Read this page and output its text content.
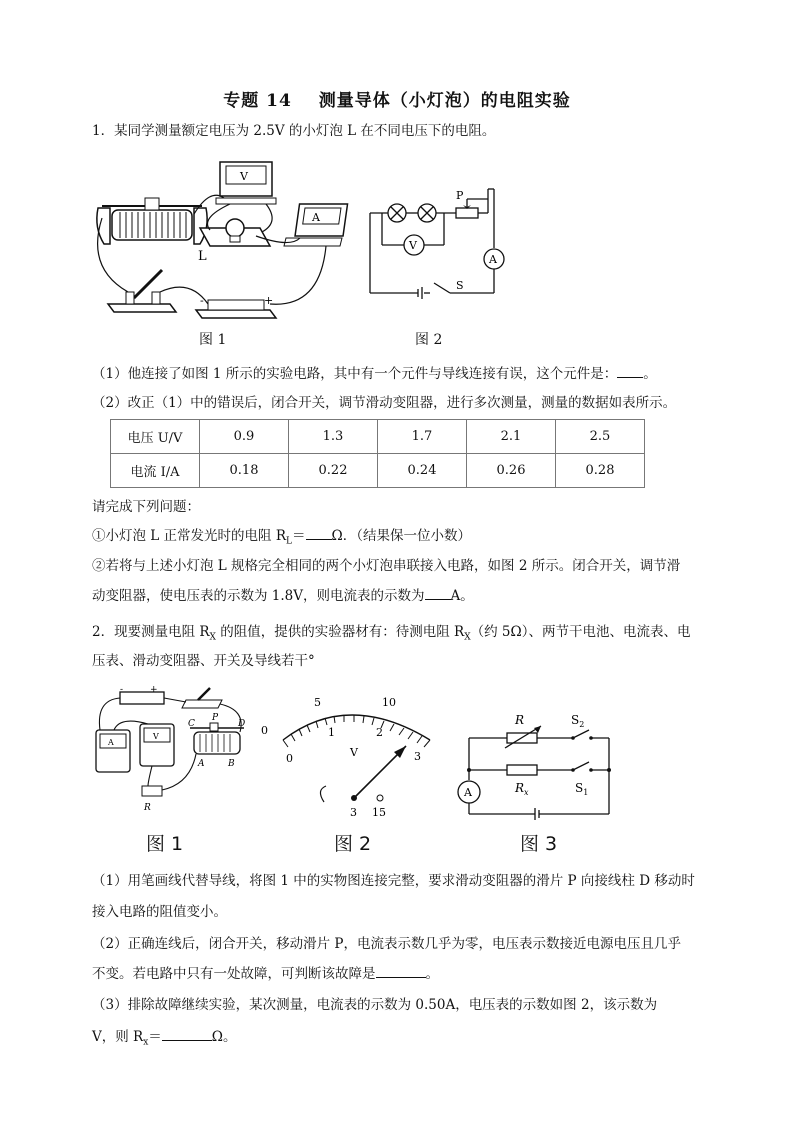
专题 14 测量导体（小灯泡）的电阻实验
1．某同学测量额定电压为 2.5V 的小灯泡 L 在不同电压下的电阻。
V
A
L
-	+
图 1
P
V
A
S
图 2
（1）他连接了如图 1 所示的实验电路，其中有一个元件与导线连接有误，这个元件是： 。
（2）改正（1）中的错误后，闭合开关，调节滑动变阻器，进行多次测量，测量的数据如表所示。
电压 U/V	0.9	1.3	1.7	2.1	2.5
电流 I/A	0.18	0.22	0.24	0.26	0.28
请完成下列问题：
①小灯泡 L 正常发光时的电阻 $R_L= \Omega$．（结果保一位小数）
②若将与上述小灯泡 L 规格完全相同的两个小灯泡串联接入电路，如图 2 所示。闭合开关，调节滑
动变阻器，使电压表的示数为 1.8V，则电流表的示数为 A。
2．现要测量电阻 $R_X$ 的阻值，提供的实验器材有：待测电阻 $R_X$（约 5Ω）、两节干电池、电流表、电
压表、滑动变阻器、开关及导线若干°
-	+
A
V
C
P
D
A	B
R
图 1
0
5	10
0
1	2
3
V
3 15
图 2
R	$S_2$
$R_x$	$S_1$
A
图 3
（1）用笔画线代替导线，将图 1 中的实物图连接完整，要求滑动变阻器的滑片 P 向接线柱 D 移动时
接入电路的阻值变小。
（2）正确连线后，闭合开关，移动滑片 P，电流表示数几乎为零，电压表示数接近电源电压且几乎
不变。若电路中只有一处故障，可判断该故障是	。
（3）排除故障继续实验，某次测量，电流表的示数为 0.50A，电压表的示数如图 2，该示数为
V，则 $R_x=$	Ω。
